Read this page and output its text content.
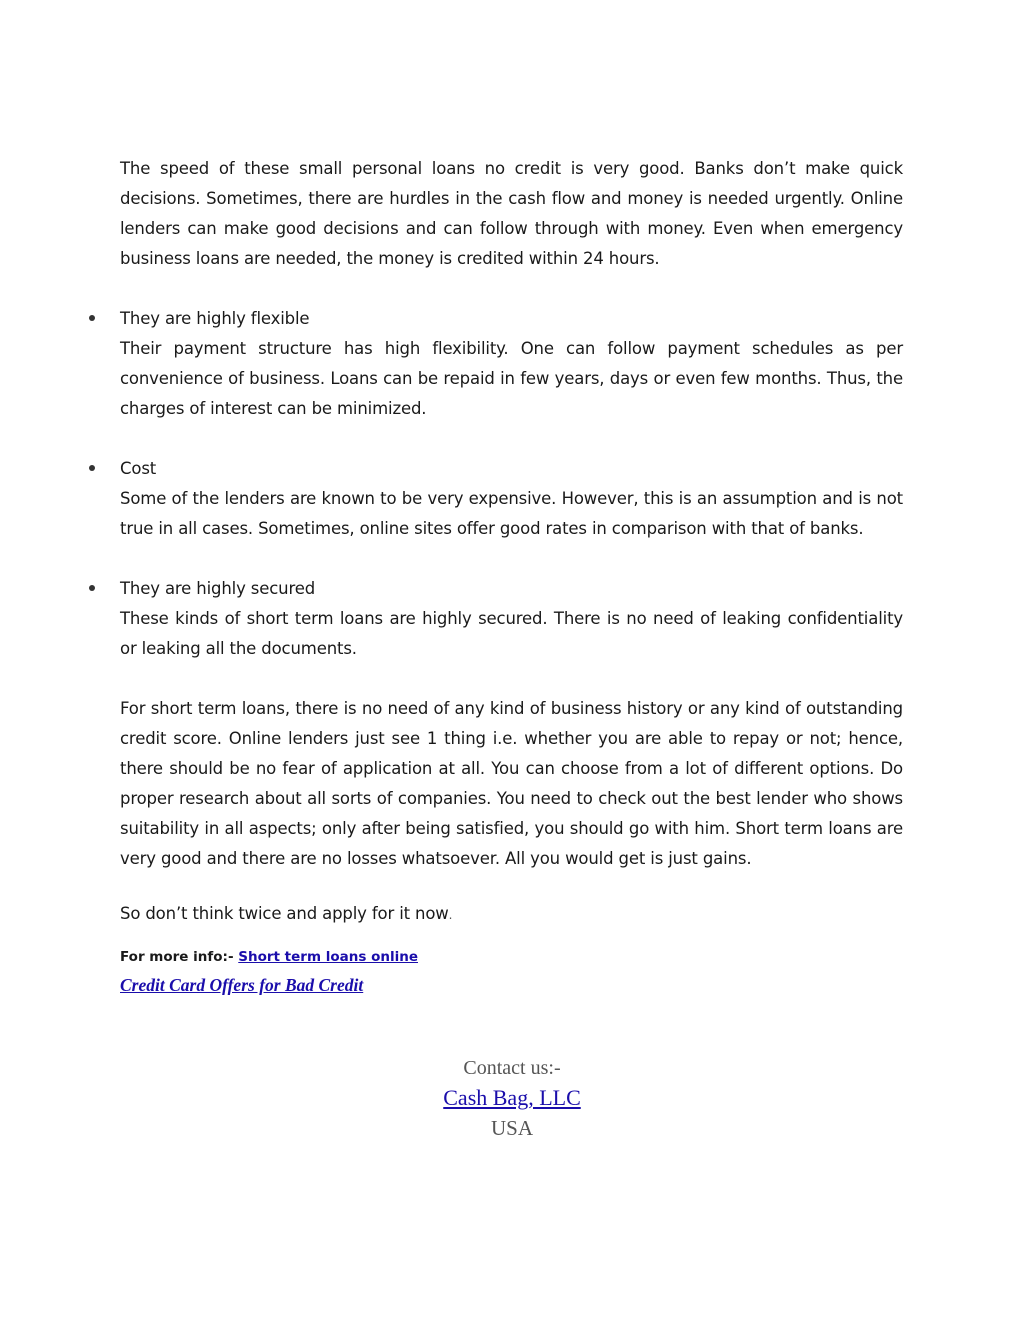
The speed of these small personal loans no credit is very good. Banks don’t make quick decisions. Sometimes, there are hurdles in the cash flow and money is needed urgently. Online lenders can make good decisions and can follow through with money. Even when emergency business loans are needed, the money is credited within 24 hours.

They are highly flexible

Their payment structure has high flexibility. One can follow payment schedules as per convenience of business. Loans can be repaid in few years, days or even few months. Thus, the charges of interest can be minimized.

Cost

Some of the lenders are known to be very expensive. However, this is an assumption and is not true in all cases. Sometimes, online sites offer good rates in comparison with that of banks.

They are highly secured

These kinds of short term loans are highly secured. There is no need of leaking confidentiality or leaking all the documents.

For short term loans, there is no need of any kind of business history or any kind of outstanding credit score. Online lenders just see 1 thing i.e. whether you are able to repay or not; hence, there should be no fear of application at all. You can choose from a lot of different options. Do proper research about all sorts of companies. You need to check out the best lender who shows suitability in all aspects; only after being satisfied, you should go with him. Short term loans are very good and there are no losses whatsoever. All you would get is just gains.

So don’t think twice and apply for it now.

For more info:- Short term loans online
Credit Card Offers for Bad Credit
Contact us:-
Cash Bag, LLC
USA
